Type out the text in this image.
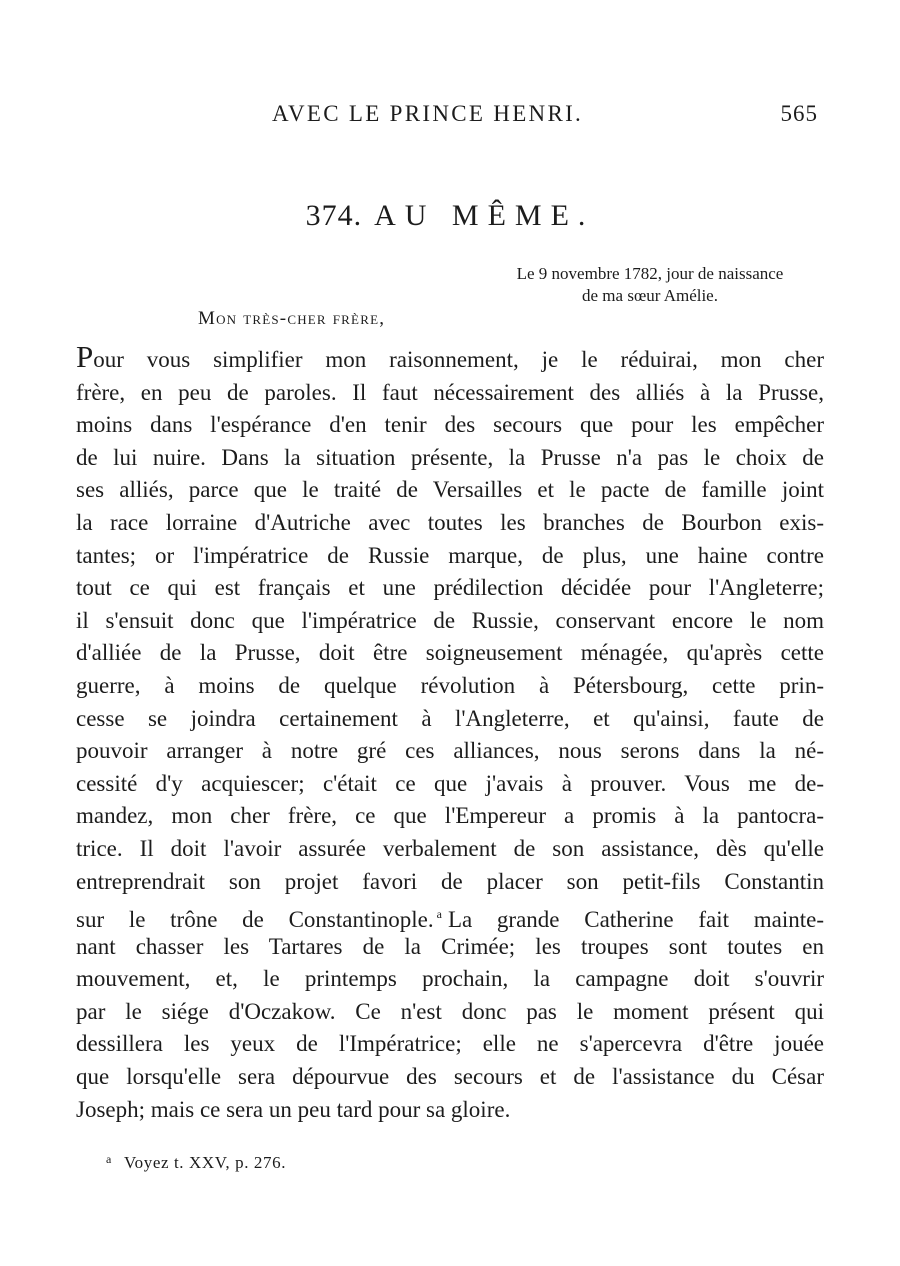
AVEC LE PRINCE HENRI.	565
374. AU MÊME.
Le 9 novembre 1782, jour de naissance
de ma sœur Amélie.
Mon très-cher frère,
Pour vous simplifier mon raisonnement, je le réduirai, mon cher
frère, en peu de paroles. Il faut nécessairement des alliés à la Prusse,
moins dans l'espérance d'en tenir des secours que pour les empêcher
de lui nuire. Dans la situation présente, la Prusse n'a pas le choix de
ses alliés, parce que le traité de Versailles et le pacte de famille joint
la race lorraine d'Autriche avec toutes les branches de Bourbon exis-
tantes; or l'impératrice de Russie marque, de plus, une haine contre
tout ce qui est français et une prédilection décidée pour l'Angleterre;
il s'ensuit donc que l'impératrice de Russie, conservant encore le nom
d'alliée de la Prusse, doit être soigneusement ménagée, qu'après cette
guerre, à moins de quelque révolution à Pétersbourg, cette prin-
cesse se joindra certainement à l'Angleterre, et qu'ainsi, faute de
pouvoir arranger à notre gré ces alliances, nous serons dans la né-
cessité d'y acquiescer; c'était ce que j'avais à prouver. Vous me de-
mandez, mon cher frère, ce que l'Empereur a promis à la pantocra-
trice. Il doit l'avoir assurée verbalement de son assistance, dès qu'elle
entreprendrait son projet favori de placer son petit-fils Constantin
sur le trône de Constantinople. $^a$ La grande Catherine fait mainte-
nant chasser les Tartares de la Crimée; les troupes sont toutes en
mouvement, et, le printemps prochain, la campagne doit s'ouvrir
par le siége d'Oczakow. Ce n'est donc pas le moment présent qui
dessillera les yeux de l'Impératrice; elle ne s'apercevra d'être jouée
que lorsqu'elle sera dépourvue des secours et de l'assistance du César
Joseph; mais ce sera un peu tard pour sa gloire.
$^a$ Voyez t. XXV, p. 276.
